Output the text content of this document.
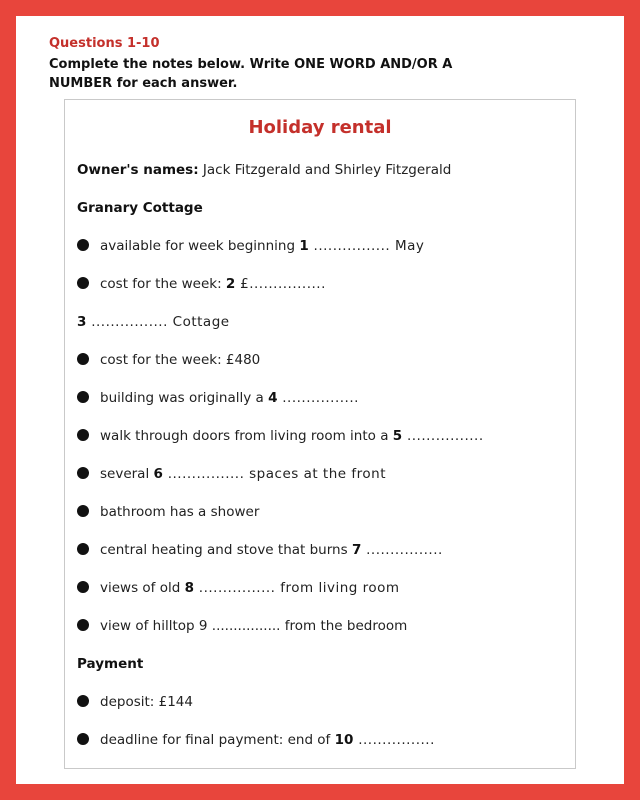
Questions 1-10
Complete the notes below. Write ONE WORD AND/OR A NUMBER for each answer.
Holiday rental
Owner's names: Jack Fitzgerald and Shirley Fitzgerald
Granary Cottage
available for week beginning 1 ................ May
cost for the week: 2 £................
3 ................ Cottage
cost for the week: £480
building was originally a 4 ................
walk through doors from living room into a 5 ................
several 6 ................ spaces at the front
bathroom has a shower
central heating and stove that burns 7 ................
views of old 8 ................ from living room
view of hilltop 9 ................ from the bedroom
Payment
deposit: £144
deadline for final payment: end of 10 ................
